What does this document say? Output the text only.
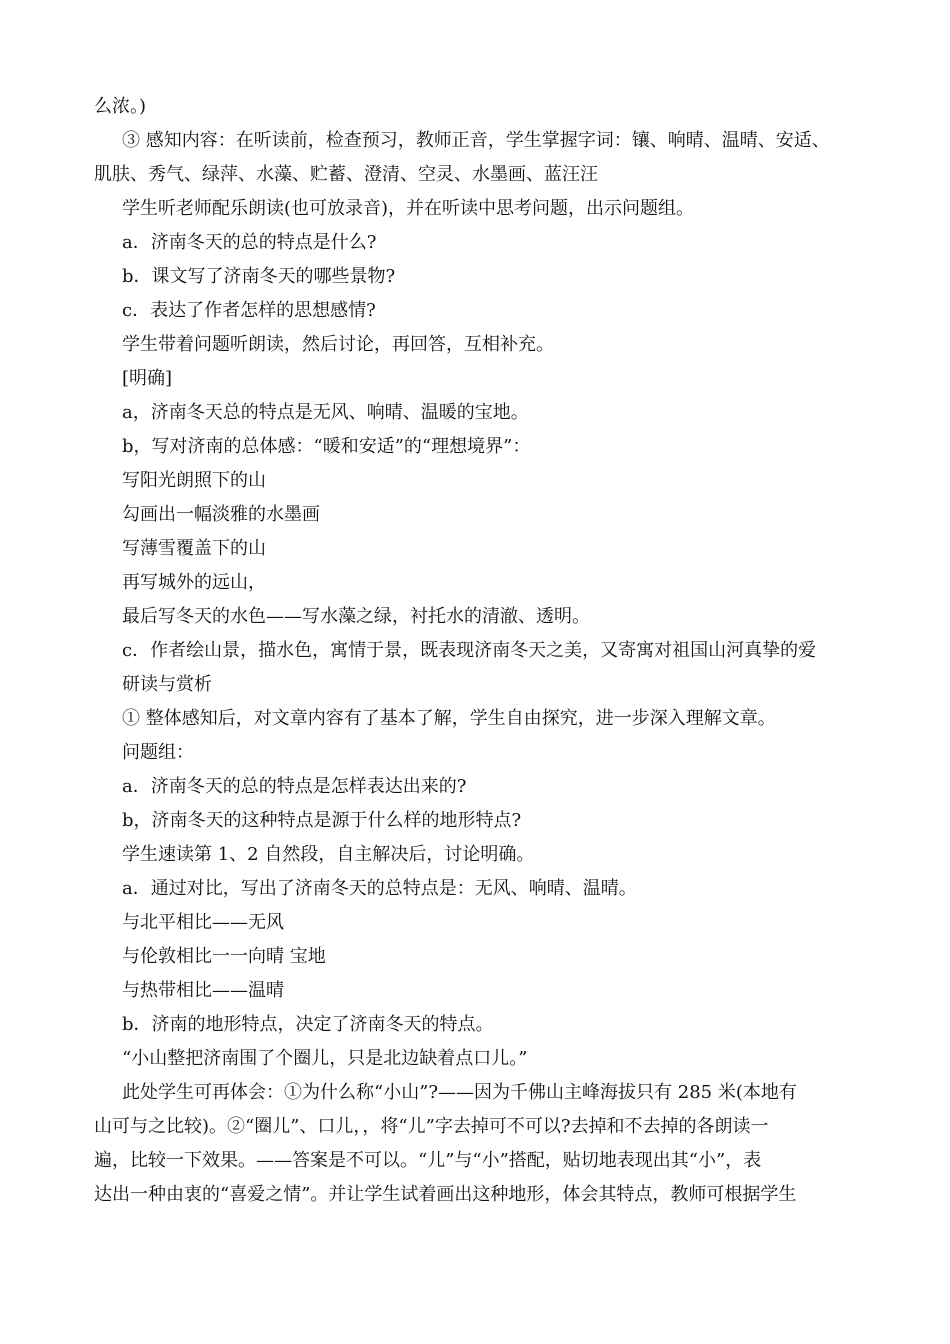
么浓。)

③ 感知内容：在听读前，检查预习，教师正音，学生掌握字词：镶、响晴、温晴、安适、

肌肤、秀气、绿萍、水藻、贮蓄、澄清、空灵、水墨画、蓝汪汪

学生听老师配乐朗读(也可放录音)，并在听读中思考问题，出示问题组。

a．济南冬天的总的特点是什么?

b．课文写了济南冬天的哪些景物?

c．表达了作者怎样的思想感情?

学生带着问题听朗读，然后讨论，再回答，互相补充。

[明确]

a，济南冬天总的特点是无风、响晴、温暖的宝地。

b，写对济南的总体感：“暖和安适”的“理想境界”：

写阳光朗照下的山

勾画出一幅淡雅的水墨画

写薄雪覆盖下的山

再写城外的远山，

最后写冬天的水色——写水藻之绿，衬托水的清澈、透明。

c．作者绘山景，描水色，寓情于景，既表现济南冬天之美，又寄寓对祖国山河真挚的爱

研读与赏析

① 整体感知后，对文章内容有了基本了解，学生自由探究，进一步深入理解文章。

问题组：

a．济南冬天的总的特点是怎样表达出来的?

b，济南冬天的这种特点是源于什么样的地形特点?

学生速读第 1、2 自然段，自主解决后，讨论明确。

a．通过对比，写出了济南冬天的总特点是：无风、响晴、温晴。

与北平相比——无风

与伦敦相比一一向晴 宝地

与热带相比——温晴

b．济南的地形特点，决定了济南冬天的特点。

“小山整把济南围了个圈儿，只是北边缺着点口儿。”

此处学生可再体会：①为什么称“小山”?——因为千佛山主峰海拔只有 285 米(本地有

山可与之比较)。②“圈儿”、口儿，，将“儿”字去掉可不可以?去掉和不去掉的各朗读一

遍，比较一下效果。——答案是不可以。“儿”与“小”搭配，贴切地表现出其“小”，表

达出一种由衷的“喜爱之情”。并让学生试着画出这种地形，体会其特点，教师可根据学生
